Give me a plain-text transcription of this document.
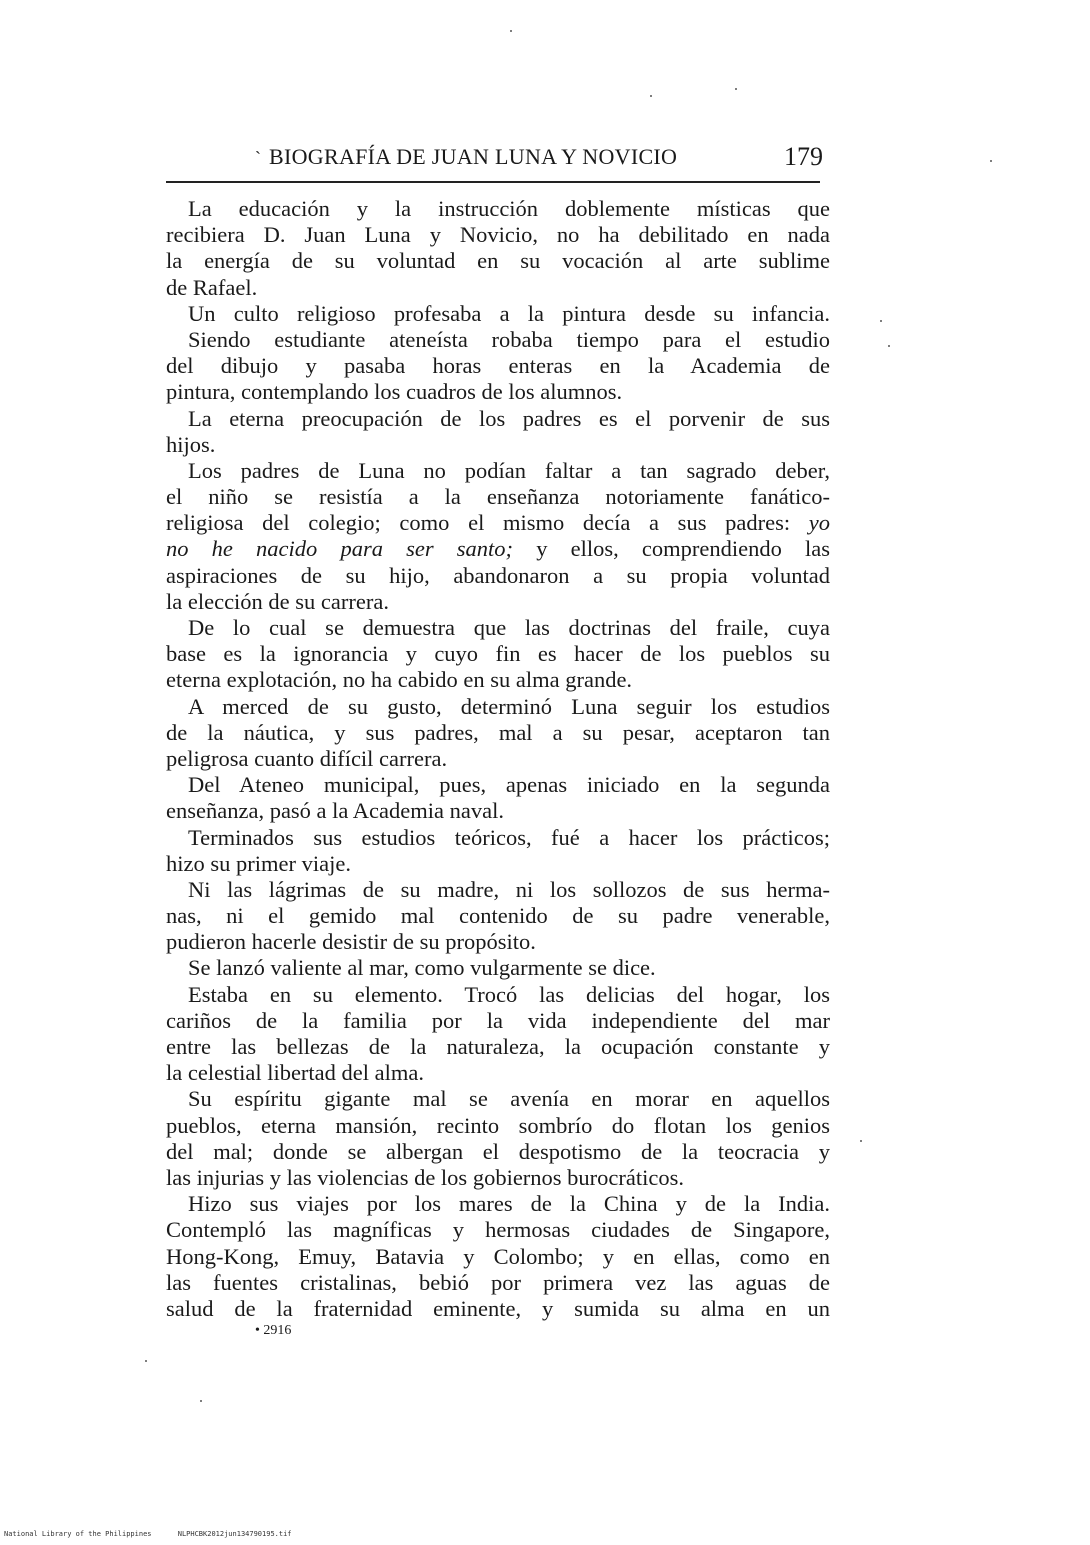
ˋ BIOGRAFÍA DE JUAN LUNA Y NOVICIO	179
La educación y la instrucción doblemente místicas que
recibiera D. Juan Luna y Novicio, no ha debilitado en nada
la energía de su voluntad en su vocación al arte sublime
de Rafael.
Un culto religioso profesaba a la pintura desde su infancia.
Siendo estudiante ateneísta robaba tiempo para el estudio
del dibujo y pasaba horas enteras en la Academia de
pintura, contemplando los cuadros de los alumnos.
La eterna preocupación de los padres es el porvenir de sus
hijos.
Los padres de Luna no podían faltar a tan sagrado deber,
el niño se resistía a la enseñanza notoriamente fanático-
religiosa del colegio; como el mismo decía a sus padres: yo
no he nacido para ser santo; y ellos, comprendiendo las
aspiraciones de su hijo, abandonaron a su propia voluntad
la elección de su carrera.
De lo cual se demuestra que las doctrinas del fraile, cuya
base es la ignorancia y cuyo fin es hacer de los pueblos su
eterna explotación, no ha cabido en su alma grande.
A merced de su gusto, determinó Luna seguir los estudios
de la náutica, y sus padres, mal a su pesar, aceptaron tan
peligrosa cuanto difícil carrera.
Del Ateneo municipal, pues, apenas iniciado en la segunda
enseñanza, pasó a la Academia naval.
Terminados sus estudios teóricos, fué a hacer los prácticos;
hizo su primer viaje.
Ni las lágrimas de su madre, ni los sollozos de sus herma-
nas, ni el gemido mal contenido de su padre venerable,
pudieron hacerle desistir de su propósito.
Se lanzó valiente al mar, como vulgarmente se dice.
Estaba en su elemento. Trocó las delicias del hogar, los
cariños de la familia por la vida independiente del mar
entre las bellezas de la naturaleza, la ocupación constante y
la celestial libertad del alma.
Su espíritu gigante mal se avenía en morar en aquellos
pueblos, eterna mansión, recinto sombrío do flotan los genios
del mal; donde se albergan el despotismo de la teocracia y
las injurias y las violencias de los gobiernos burocráticos.
Hizo sus viajes por los mares de la China y de la India.
Contempló las magníficas y hermosas ciudades de Singapore,
Hong-Kong, Emuy, Batavia y Colombo; y en ellas, como en
las fuentes cristalinas, bebió por primera vez las aguas de
salud de la fraternidad eminente, y sumida su alma en un
• 2916
National Library of the Philippines	NLPHCBK2012jun134790195.tif
